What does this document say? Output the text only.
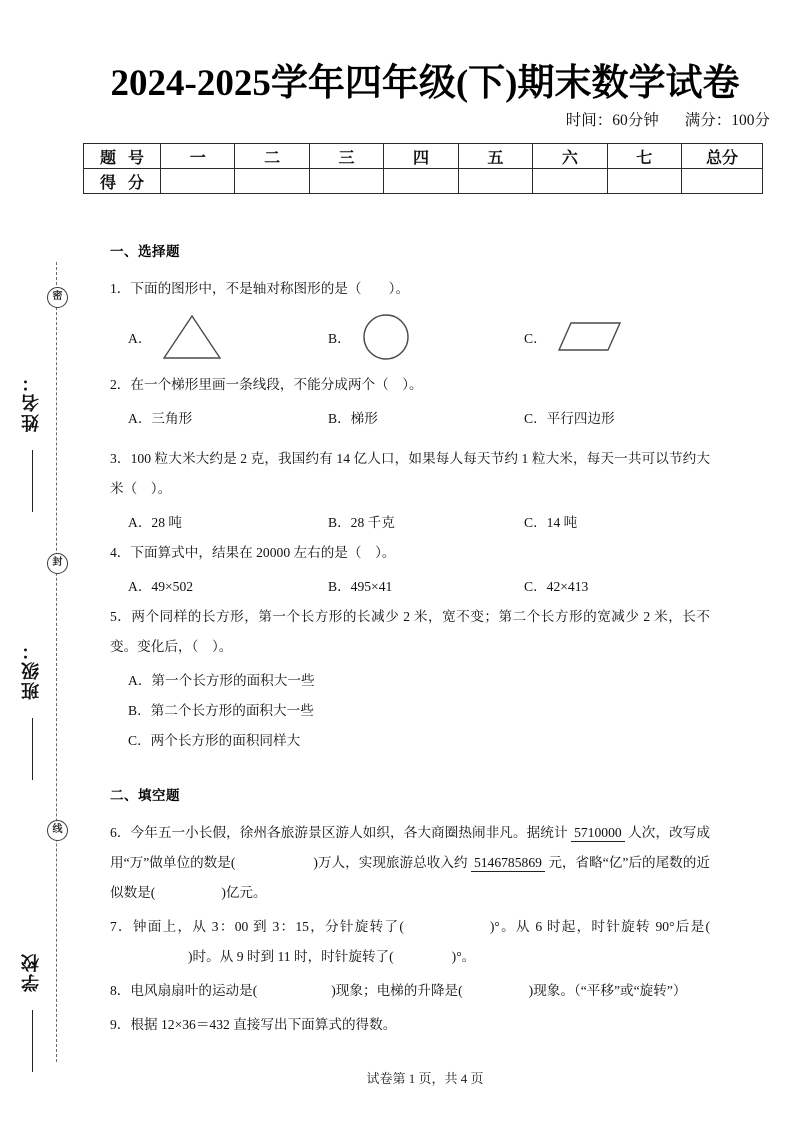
密
封
线
姓名：
班级：
学校
2024-2025学年四年级(下)期末数学试卷
时间：60分钟 满分：100分
题 号	一	二	三	四	五	六	七	总分
得 分								
一、选择题

1．下面的图形中，不是轴对称图形的是（　　）。

A．	B．	C．

2．在一个梯形里画一条线段，不能分成两个（　）。

A．三角形	B．梯形	C．平行四边形

3．100 粒大米大约是 2 克，我国约有 14 亿人口，如果每人每天节约 1 粒大米，每天一共可以节约大米（　）。

A．28 吨	B．28 千克	C．14 吨

4．下面算式中，结果在 20000 左右的是（　）。

A．49×502	B．495×41	C．42×413

5．两个同样的长方形，第一个长方形的长减少 2 米，宽不变；第二个长方形的宽减少 2 米，长不变。变化后，（　）。

A．第一个长方形的面积大一些
B．第二个长方形的面积大一些
C．两个长方形的面积同样大
二、填空题

6．今年五一小长假，徐州各旅游景区游人如织，各大商圈热闹非凡。据统计 5710000 人次，改写成用“万”做单位的数是(	)万人，实现旅游总收入约 5146785869 元，省略“亿”后的尾数的近似数是(	)亿元。

7．钟面上，从 3：00 到 3：15，分针旋转了(	)°。从 6 时起，时针旋转 90°后是()时。从 9 时到 11 时，时针旋转了(	)°。

8．电风扇扇叶的运动是(	)现象；电梯的升降是(	)现象。（“平移”或“旋转”）

9．根据 12×36＝432 直接写出下面算式的得数。

试卷第 1 页，共 4 页
